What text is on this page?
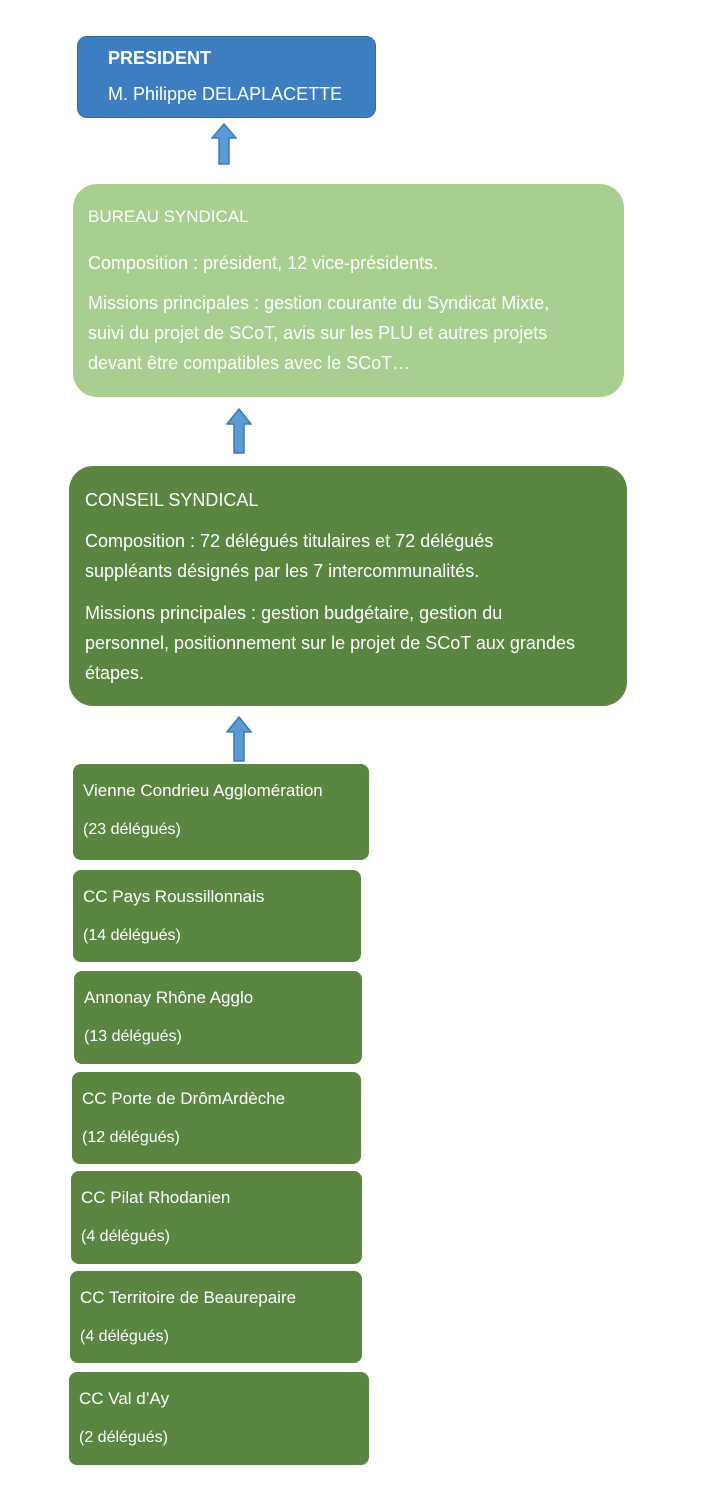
PRESIDENT
M. Philippe DELAPLACETTE
BUREAU SYNDICAL

Composition : président, 12 vice-présidents.

Missions principales : gestion courante du Syndicat Mixte, suivi du projet de SCoT, avis sur les PLU et autres projets devant être compatibles avec le SCoT…

CONSEIL SYNDICAL

Composition : 72 délégués titulaires et 72 délégués suppléants désignés par les 7 intercommunalités.

Missions principales : gestion budgétaire, gestion du personnel, positionnement sur le projet de SCoT aux grandes étapes.

Vienne Condrieu Agglomération
(23 délégués)
CC Pays Roussillonnais
(14 délégués)
Annonay Rhône Agglo
(13 délégués)
CC Porte de DrômArdèche
(12 délégués)
CC Pilat Rhodanien
(4 délégués)
CC Territoire de Beaurepaire
(4 délégués)
CC Val d’Ay
(2 délégués)
